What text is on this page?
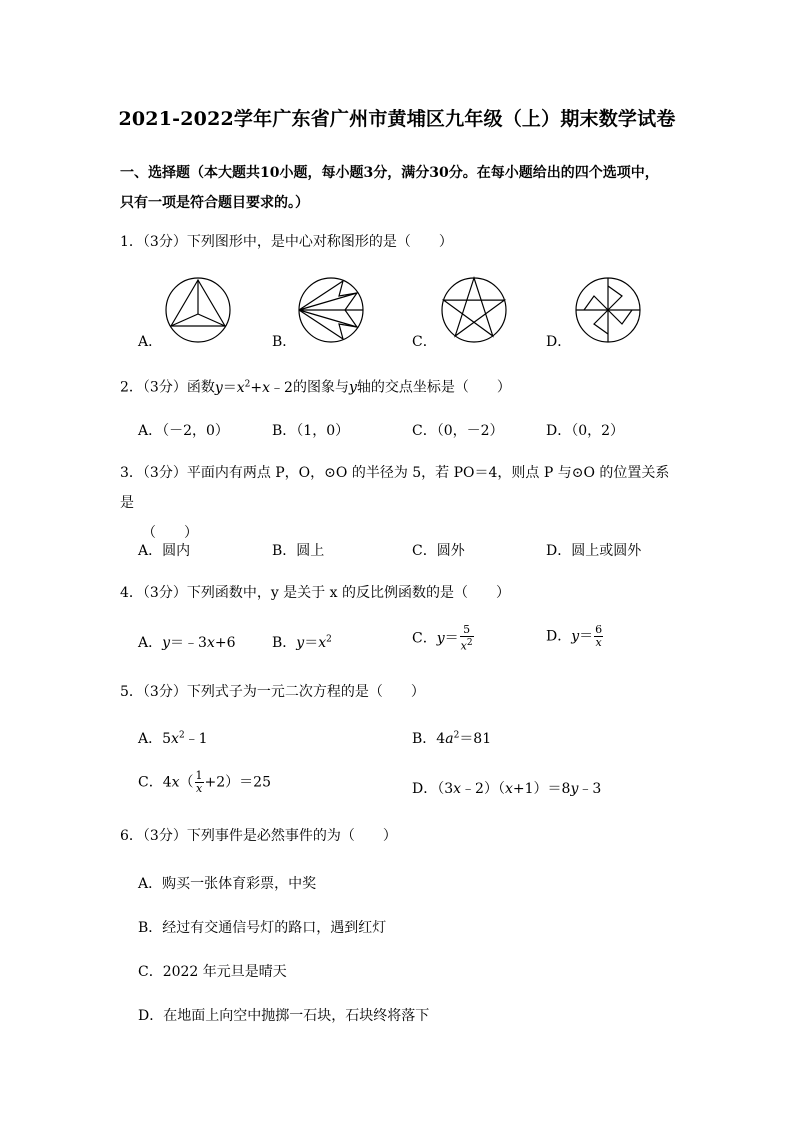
2021-2022学年广东省广州市黄埔区九年级（上）期末数学试卷
一、选择题（本大题共10小题，每小题3分，满分30分。在每小题给出的四个选项中，
只有一项是符合题目要求的。）
1．（3分）下列图形中，是中心对称图形的是（　　）
A．	B．	C．	D．
2．（3分）函数$y=x^2+x﹣2$的图象与y轴的交点坐标是（　　）
A．（－2，0）	B．（1，0）	C．（0，－2）	D．（0，2）
3．（3分）平面内有两点 P，O，⊙O 的半径为 5，若 PO＝4，则点 P 与⊙O 的位置关系是
（　　）
A．圆内	B．圆上	C．圆外	D．圆上或圆外
4．（3分）下列函数中，y 是关于 x 的反比例函数的是（　　）
A．y＝﹣3x+6	B．$y=x^2$	C．$y= \frac{5}{x^2}$	D．$y= \frac{6}{x}$
5．（3分）下列式子为一元二次方程的是（　　）
A．$5x^2﹣1$	B．$4a^2=81$
C．$4x( \frac{1}{x} +2)=25$	D．（3x﹣2）（x+1）＝8y﹣3
6．（3分）下列事件是必然事件的为（　　）
A．购买一张体育彩票，中奖
B．经过有交通信号灯的路口，遇到红灯
C．2022 年元旦是晴天
D．在地面上向空中抛掷一石块，石块终将落下
